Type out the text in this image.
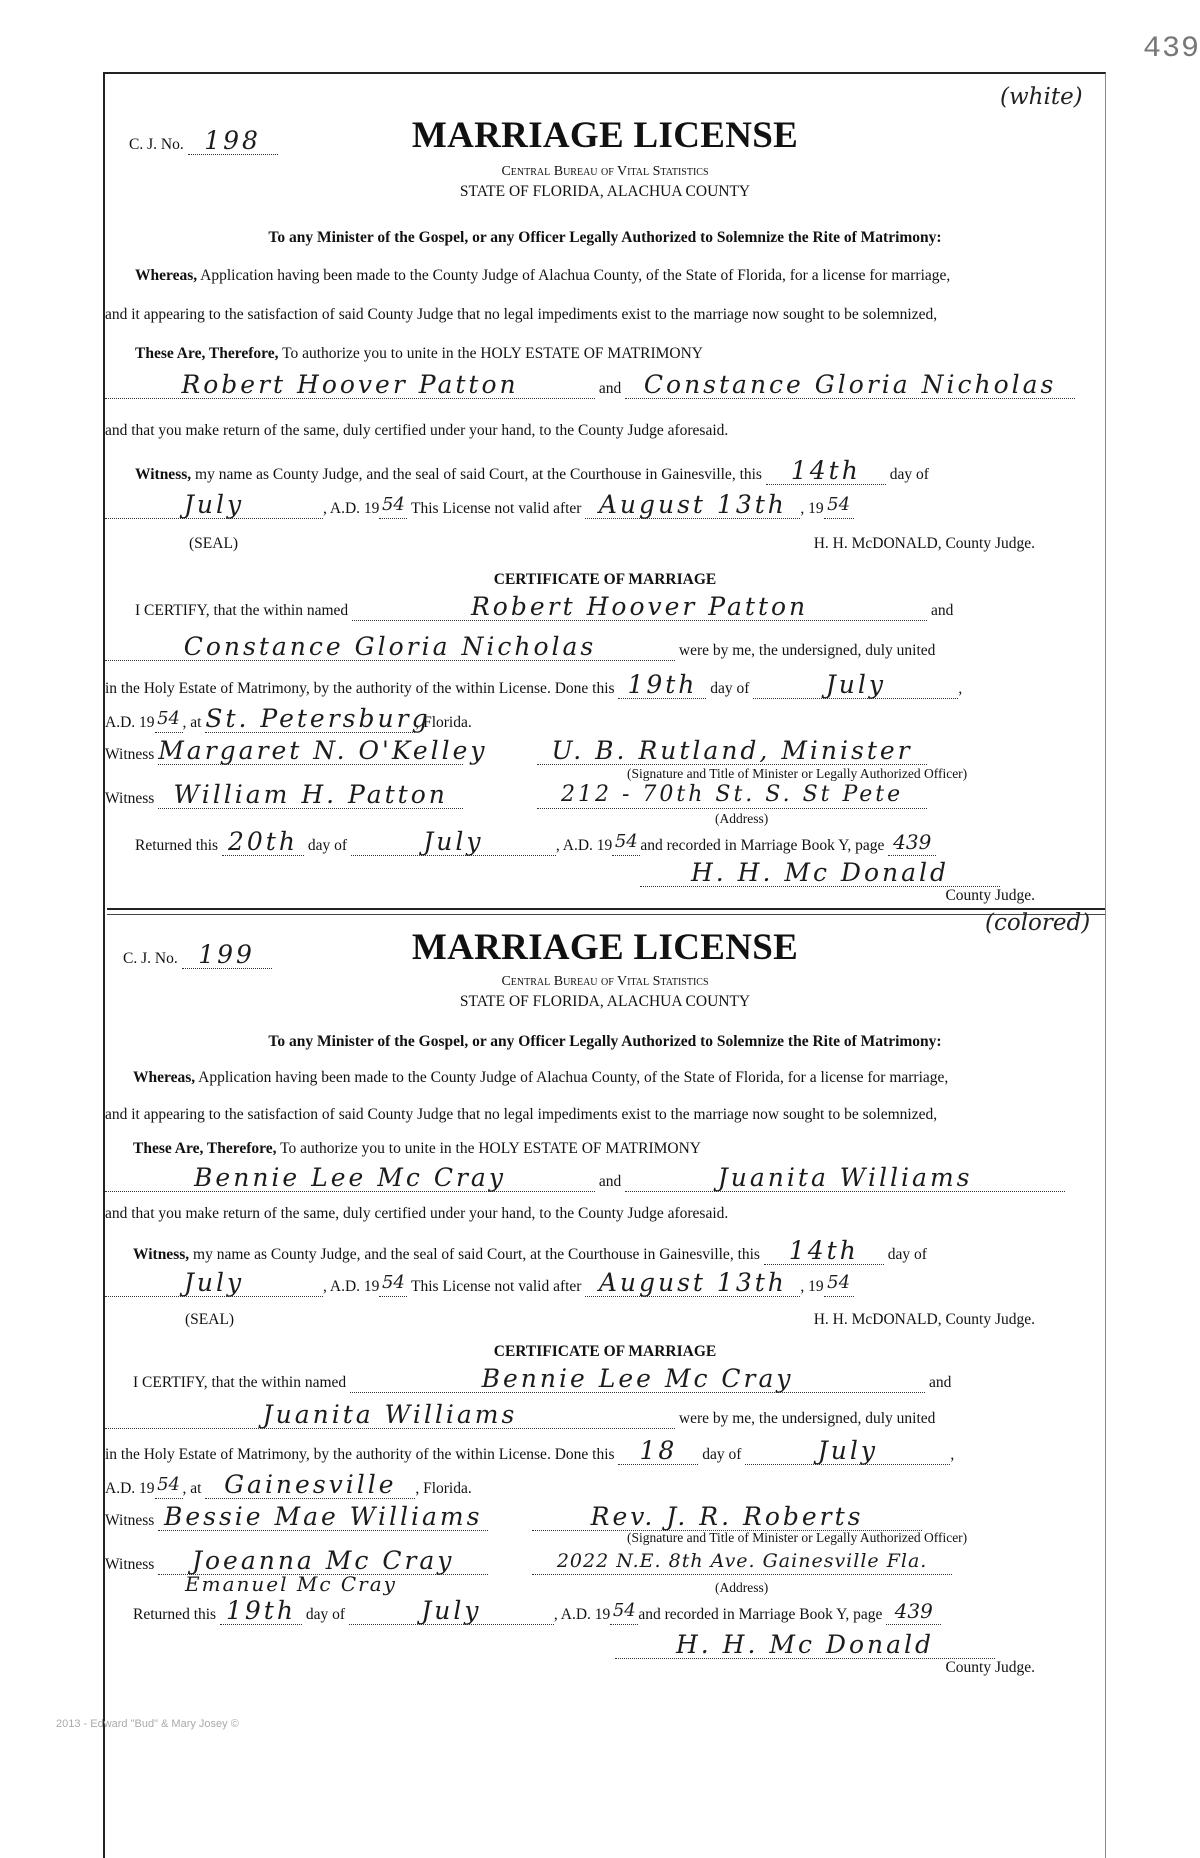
439
C. J. No. 198
(white)
MARRIAGE LICENSE
Central Bureau of Vital Statistics
STATE OF FLORIDA, ALACHUA COUNTY
To any Minister of the Gospel, or any Officer Legally Authorized to Solemnize the Rite of Matrimony:
Whereas, Application having been made to the County Judge of Alachua County, of the State of Florida, for a license for marriage,
and it appearing to the satisfaction of said County Judge that no legal impediments exist to the marriage now sought to be solemnized,
These Are, Therefore, To authorize you to unite in the HOLY ESTATE OF MATRIMONY
Robert Hoover Patton	and Constance Gloria Nicholas
and that you make return of the same, duly certified under your hand, to the County Judge aforesaid.
Witness, my name as County Judge, and the seal of said Court, at the Courthouse in Gainesville, this 14th day of
July	, A.D. 19 54 This License not valid after August 13th , 19 54
(SEAL)	H. H. McDONALD, County Judge.
CERTIFICATE OF MARRIAGE
I CERTIFY, that the within named	Robert Hoover Patton	and
Constance Gloria Nicholas	were by me, the undersigned, duly united
in the Holy Estate of Matrimony, by the authority of the within License. Done this 19th day of	July	,
A.D. 19 54 , at St. Petersburg, Florida.
Witness Margaret N. O'Kelley	U. B. Rutland, Minister
(Signature and Title of Minister or Legally Authorized Officer)
Witness William H. Patton	212 - 70th St. S. St Pete
(Address)
Returned this 20th day of	July	, A.D. 19 54 and recorded in Marriage Book Y, page 439
H. H. Mc Donald
County Judge.
C. J. No. 199
(colored)
MARRIAGE LICENSE
Central Bureau of Vital Statistics
STATE OF FLORIDA, ALACHUA COUNTY
To any Minister of the Gospel, or any Officer Legally Authorized to Solemnize the Rite of Matrimony:
Whereas, Application having been made to the County Judge of Alachua County, of the State of Florida, for a license for marriage,
and it appearing to the satisfaction of said County Judge that no legal impediments exist to the marriage now sought to be solemnized,
These Are, Therefore, To authorize you to unite in the HOLY ESTATE OF MATRIMONY
Bennie Lee Mc Cray	and	Juanita Williams
and that you make return of the same, duly certified under your hand, to the County Judge aforesaid.
Witness, my name as County Judge, and the seal of said Court, at the Courthouse in Gainesville, this 14th day of
July	, A.D. 19 54 This License not valid after August 13th , 19 54
(SEAL)	H. H. McDONALD, County Judge.
CERTIFICATE OF MARRIAGE
I CERTIFY, that the within named	Bennie Lee Mc Cray	and
Juanita Williams	were by me, the undersigned, duly united
in the Holy Estate of Matrimony, by the authority of the within License. Done this 18 day of	July	,
A.D. 19 54 , at Gainesville , Florida.
Witness Bessie Mae Williams	Rev. J. R. Roberts
(Signature and Title of Minister or Legally Authorized Officer)
Witness Joeanna Mc Cray	2022 N.E. 8th Ave. Gainesville Fla.
Emanuel Mc Cray	(Address)
Returned this 19th day of	July	, A.D. 19 54 and recorded in Marriage Book Y, page 439
H. H. Mc Donald
County Judge.
2013 - Edward "Bud" & Mary Josey ©
